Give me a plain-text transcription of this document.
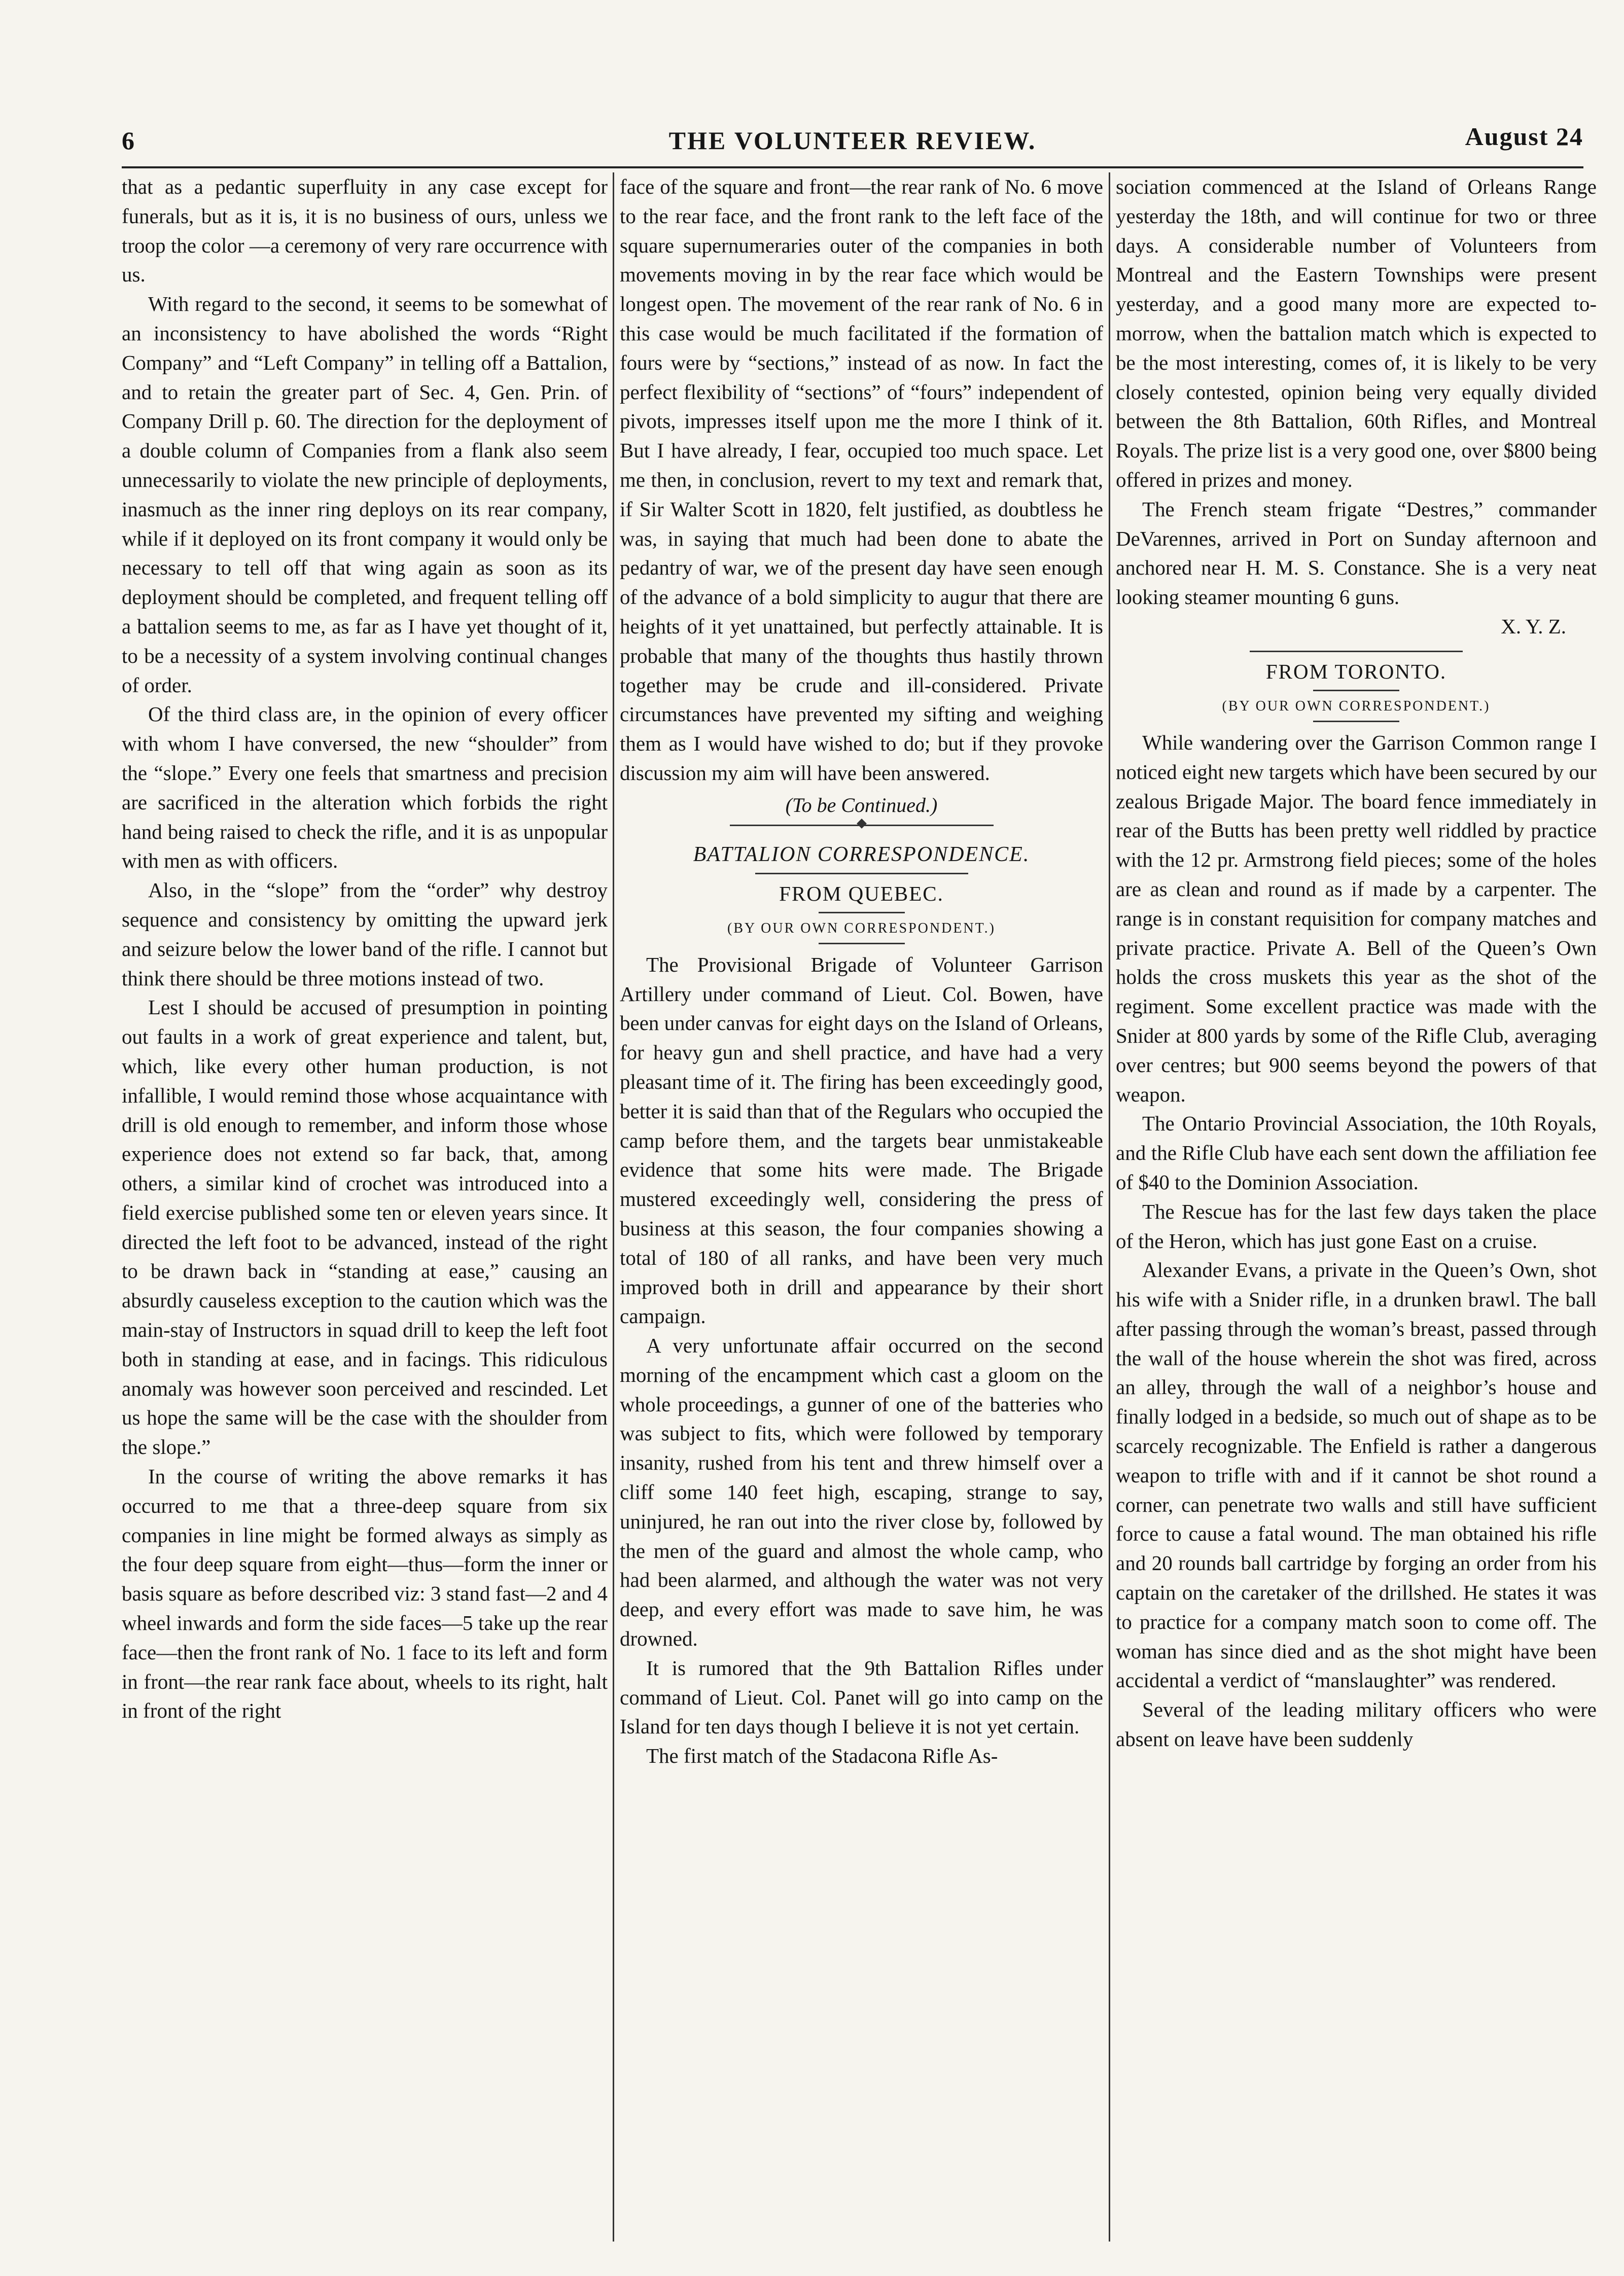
6	THE VOLUNTEER REVIEW.	August 24

that as a pedantic superfluity in any case except for funerals, but as it is, it is no business of ours, unless we troop the color —a ceremony of very rare occurrence with us.

With regard to the second, it seems to be somewhat of an inconsistency to have abolished the words “Right Company” and “Left Company” in telling off a Battalion, and to retain the greater part of Sec. 4, Gen. Prin. of Company Drill p. 60. The direction for the deployment of a double column of Companies from a flank also seem unnecessarily to violate the new principle of deployments, inasmuch as the inner ring deploys on its rear company, while if it deployed on its front company it would only be necessary to tell off that wing again as soon as its deployment should be completed, and frequent telling off a battalion seems to me, as far as I have yet thought of it, to be a necessity of a system involving continual changes of order.

Of the third class are, in the opinion of every officer with whom I have conversed, the new “shoulder” from the “slope.” Every one feels that smartness and precision are sacrificed in the alteration which forbids the right hand being raised to check the rifle, and it is as unpopular with men as with officers.

Also, in the “slope” from the “order” why destroy sequence and consistency by omitting the upward jerk and seizure below the lower band of the rifle. I cannot but think there should be three motions instead of two.

Lest I should be accused of presumption in pointing out faults in a work of great experience and talent, but, which, like every other human production, is not infallible, I would remind those whose acquaintance with drill is old enough to remember, and inform those whose experience does not extend so far back, that, among others, a similar kind of crochet was introduced into a field exercise published some ten or eleven years since. It directed the left foot to be advanced, instead of the right to be drawn back in “standing at ease,” causing an absurdly causeless exception to the caution which was the main-stay of Instructors in squad drill to keep the left foot both in standing at ease, and in facings. This ridiculous anomaly was however soon perceived and rescinded. Let us hope the same will be the case with the shoulder from the slope.”

In the course of writing the above remarks it has occurred to me that a three-deep square from six companies in line might be formed always as simply as the four deep square from eight—thus—form the inner or basis square as before described viz: 3 stand fast—2 and 4 wheel inwards and form the side faces—5 take up the rear face—then the front rank of No. 1 face to its left and form in front—the rear rank face about, wheels to its right, halt in front of the right

face of the square and front—the rear rank of No. 6 move to the rear face, and the front rank to the left face of the square supernumeraries outer of the companies in both movements moving in by the rear face which would be longest open. The movement of the rear rank of No. 6 in this case would be much facilitated if the formation of fours were by “sections,” instead of as now. In fact the perfect flexibility of “sections” of “fours” independent of pivots, impresses itself upon me the more I think of it. But I have already, I fear, occupied too much space. Let me then, in conclusion, revert to my text and remark that, if Sir Walter Scott in 1820, felt justified, as doubtless he was, in saying that much had been done to abate the pedantry of war, we of the present day have seen enough of the advance of a bold simplicity to augur that there are heights of it yet unattained, but perfectly attainable. It is probable that many of the thoughts thus hastily thrown together may be crude and ill-considered. Private circumstances have prevented my sifting and weighing them as I would have wished to do; but if they provoke discussion my aim will have been answered.

(To be Continued.)
BATTALION CORRESPONDENCE.
FROM QUEBEC.
(BY OUR OWN CORRESPONDENT.)

The Provisional Brigade of Volunteer Garrison Artillery under command of Lieut. Col. Bowen, have been under canvas for eight days on the Island of Orleans, for heavy gun and shell practice, and have had a very pleasant time of it. The firing has been exceedingly good, better it is said than that of the Regulars who occupied the camp before them, and the targets bear unmistakeable evidence that some hits were made. The Brigade mustered exceedingly well, considering the press of business at this season, the four companies showing a total of 180 of all ranks, and have been very much improved both in drill and appearance by their short campaign.

A very unfortunate affair occurred on the second morning of the encampment which cast a gloom on the whole proceedings, a gunner of one of the batteries who was subject to fits, which were followed by temporary insanity, rushed from his tent and threw himself over a cliff some 140 feet high, escaping, strange to say, uninjured, he ran out into the river close by, followed by the men of the guard and almost the whole camp, who had been alarmed, and although the water was not very deep, and every effort was made to save him, he was drowned.

It is rumored that the 9th Battalion Rifles under command of Lieut. Col. Panet will go into camp on the Island for ten days though I believe it is not yet certain.

The first match of the Stadacona Rifle As-

sociation commenced at the Island of Orleans Range yesterday the 18th, and will continue for two or three days. A considerable number of Volunteers from Montreal and the Eastern Townships were present yesterday, and a good many more are expected to-morrow, when the battalion match which is expected to be the most interesting, comes of, it is likely to be very closely contested, opinion being very equally divided between the 8th Battalion, 60th Rifles, and Montreal Royals. The prize list is a very good one, over $800 being offered in prizes and money.

The French steam frigate “Destres,” commander DeVarennes, arrived in Port on Sunday afternoon and anchored near H. M. S. Constance. She is a very neat looking steamer mounting 6 guns.

X. Y. Z.
FROM TORONTO.
(BY OUR OWN CORRESPONDENT.)

While wandering over the Garrison Common range I noticed eight new targets which have been secured by our zealous Brigade Major. The board fence immediately in rear of the Butts has been pretty well riddled by practice with the 12 pr. Armstrong field pieces; some of the holes are as clean and round as if made by a carpenter. The range is in constant requisition for company matches and private practice. Private A. Bell of the Queen’s Own holds the cross muskets this year as the shot of the regiment. Some excellent practice was made with the Snider at 800 yards by some of the Rifle Club, averaging over centres; but 900 seems beyond the powers of that weapon.

The Ontario Provincial Association, the 10th Royals, and the Rifle Club have each sent down the affiliation fee of $40 to the Dominion Association.

The Rescue has for the last few days taken the place of the Heron, which has just gone East on a cruise.

Alexander Evans, a private in the Queen’s Own, shot his wife with a Snider rifle, in a drunken brawl. The ball after passing through the woman’s breast, passed through the wall of the house wherein the shot was fired, across an alley, through the wall of a neighbor’s house and finally lodged in a bedside, so much out of shape as to be scarcely recognizable. The Enfield is rather a dangerous weapon to trifle with and if it cannot be shot round a corner, can penetrate two walls and still have sufficient force to cause a fatal wound. The man obtained his rifle and 20 rounds ball cartridge by forging an order from his captain on the caretaker of the drillshed. He states it was to practice for a company match soon to come off. The woman has since died and as the shot might have been accidental a verdict of “manslaughter” was rendered.

Several of the leading military officers who were absent on leave have been suddenly
